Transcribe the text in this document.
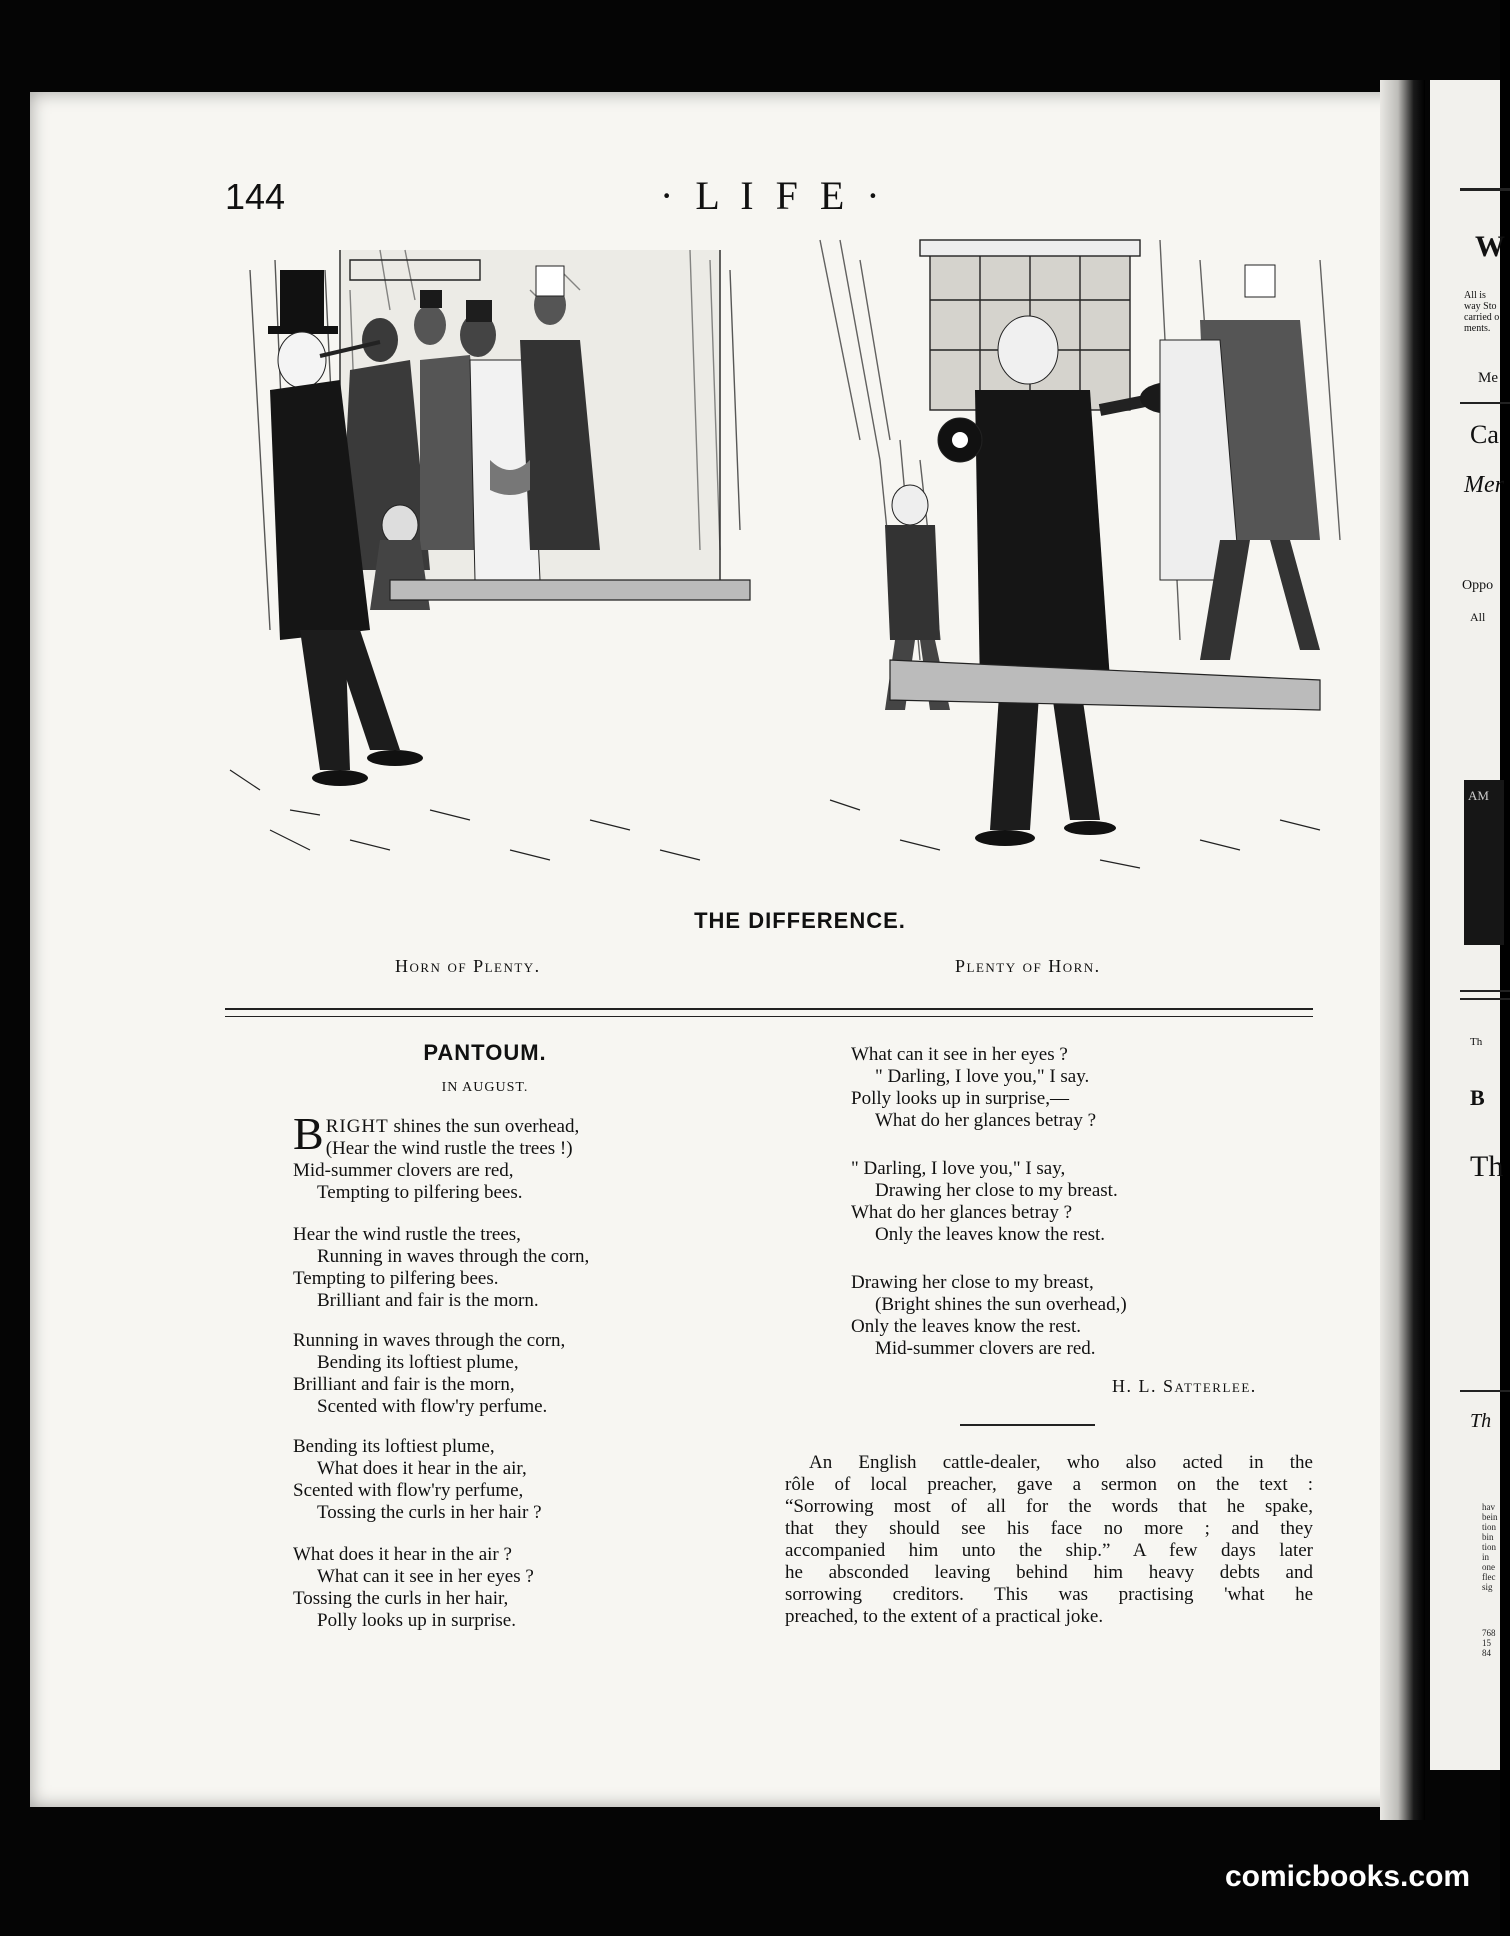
W
All is
way Sto
carried o
ments.
Me
Ca
Mer
Oppo
All
AM
Th
B
Th
Th
hav
bein
tion
bin
tion
in
one
flec
sig
768
15
84
144	· L I F E ·
THE DIFFERENCE.
Horn of Plenty.	Plenty of Horn.
PANTOUM.
IN AUGUST.
BRIGHT shines the sun overhead,
(Hear the wind rustle the trees !)
Mid-summer clovers are red,
Tempting to pilfering bees.
Hear the wind rustle the trees,
Running in waves through the corn,
Tempting to pilfering bees.
Brilliant and fair is the morn.
Running in waves through the corn,
Bending its loftiest plume,
Brilliant and fair is the morn,
Scented with flow'ry perfume.
Bending its loftiest plume,
What does it hear in the air,
Scented with flow'ry perfume,
Tossing the curls in her hair ?
What does it hear in the air ?
What can it see in her eyes ?
Tossing the curls in her hair,
Polly looks up in surprise.
What can it see in her eyes ?
" Darling, I love you," I say.
Polly looks up in surprise,—
What do her glances betray ?
" Darling, I love you," I say,
Drawing her close to my breast.
What do her glances betray ?
Only the leaves know the rest.
Drawing her close to my breast,
(Bright shines the sun overhead,)
Only the leaves know the rest.
Mid-summer clovers are red.
H. L. Satterlee.
An English cattle-dealer, who also acted in the
rôle of local preacher, gave a sermon on the text :
“Sorrowing most of all for the words that he spake,
that they should see his face no more ; and they
accompanied him unto the ship.” A few days later
he absconded leaving behind him heavy debts and
sorrowing creditors. This was practising 'what he
preached, to the extent of a practical joke.
comicbooks.com
